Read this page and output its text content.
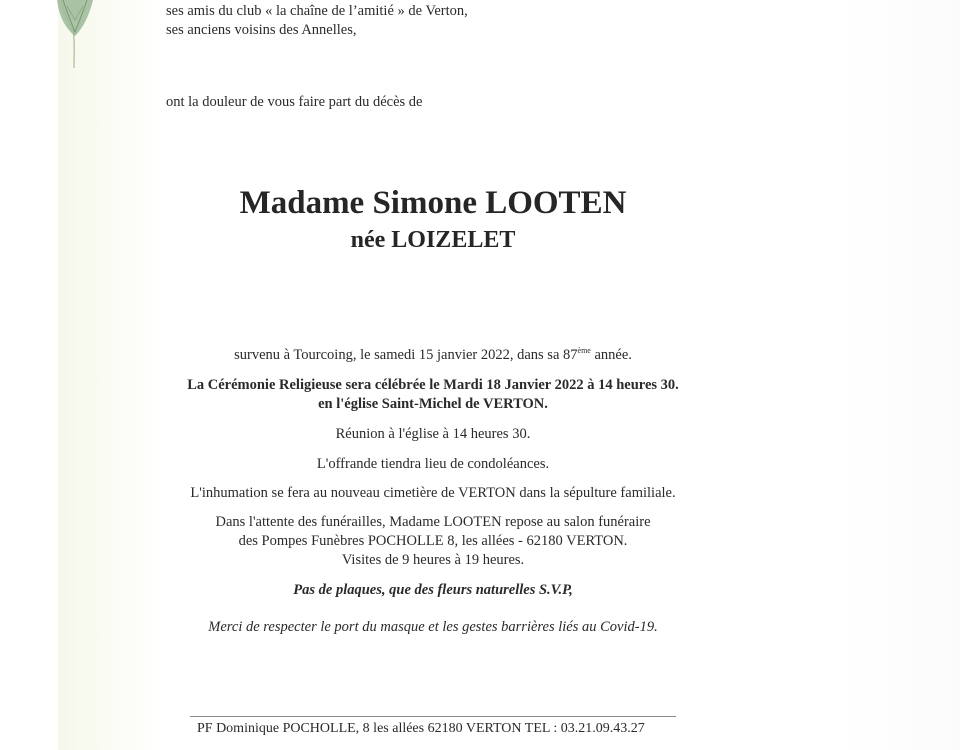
ses amis du club « la chaîne de l’amitié » de Verton,
ses anciens voisins des Annelles,
ont la douleur de vous faire part du décès de
Madame Simone LOOTEN
née LOIZELET
survenu à Tourcoing, le samedi 15 janvier 2022, dans sa 87ème année.
La Cérémonie Religieuse sera célébrée le Mardi 18 Janvier 2022 à 14 heures 30.
en l'église Saint-Michel de VERTON.
Réunion à l'église à 14 heures 30.
L'offrande tiendra lieu de condoléances.
L'inhumation se fera au nouveau cimetière de VERTON dans la sépulture familiale.
Dans l'attente des funérailles, Madame LOOTEN repose au salon funéraire
des Pompes Funèbres POCHOLLE 8, les allées - 62180 VERTON.
Visites de 9 heures à 19 heures.
Pas de plaques, que des fleurs naturelles S.V.P,
Merci de respecter le port du masque et les gestes barrières liés au Covid-19.
PF Dominique POCHOLLE, 8 les allées 62180 VERTON TEL : 03.21.09.43.27
